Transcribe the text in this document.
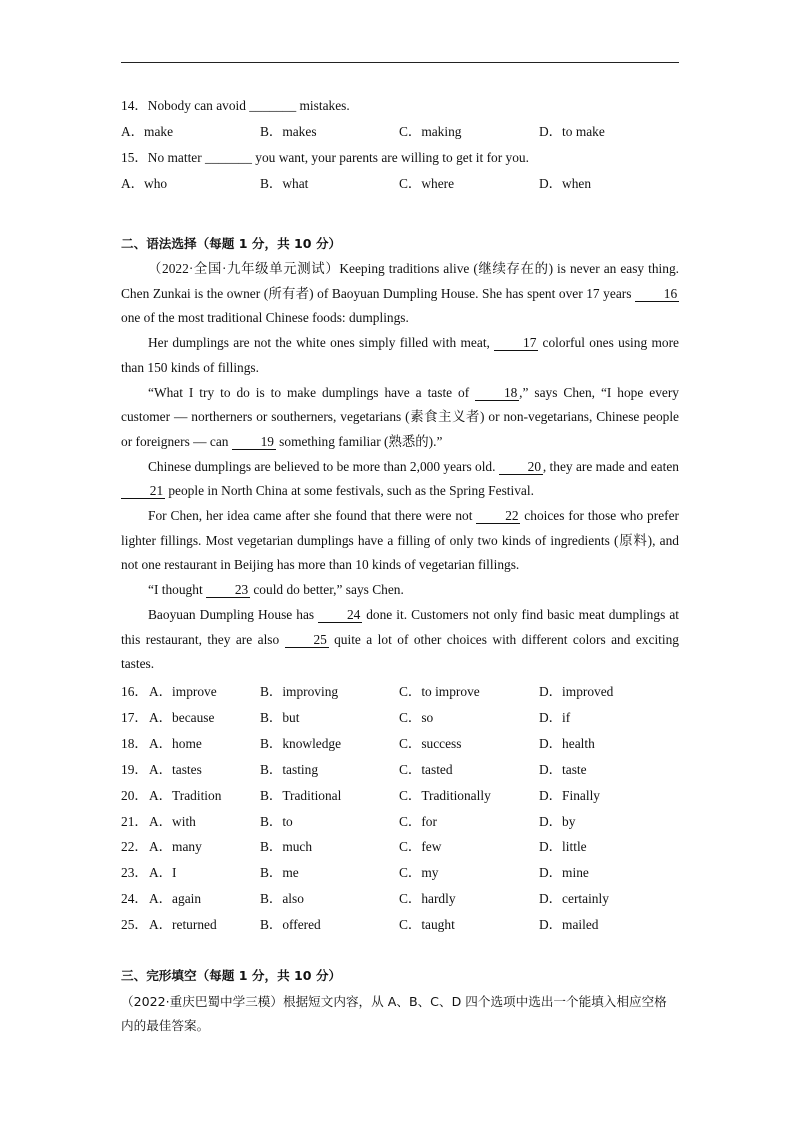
14．Nobody can avoid _______ mistakes.
A．make	B．makes	C．making	D．to make
15．No matter _______ you want, your parents are willing to get it for you.
A．who	B．what	C．where	D．when
二、语法选择（每题 1 分，共 10 分）

（2022·全国·九年级单元测试）Keeping traditions alive (继续存在的) is never an easy thing. Chen Zunkai is the owner (所有者) of Baoyuan Dumpling House. She has spent over 17 years 16 one of the most traditional Chinese foods: dumplings.

Her dumplings are not the white ones simply filled with meat, 17 colorful ones using more than 150 kinds of fillings.

“What I try to do is to make dumplings have a taste of 18 ,” says Chen, “I hope every customer — northerners or southerners, vegetarians (素食主义者) or non-vegetarians, Chinese people or foreigners — can 19 something familiar (熟悉的).”

Chinese dumplings are believed to be more than 2,000 years old. 20 , they are made and eaten 21 people in North China at some festivals, such as the Spring Festival.

For Chen, her idea came after she found that there were not 22 choices for those who prefer lighter fillings. Most vegetarian dumplings have a filling of only two kinds of ingredients (原料), and not one restaurant in Beijing has more than 10 kinds of vegetarian fillings.

“I thought 23 could do better,” says Chen.

Baoyuan Dumpling House has 24 done it. Customers not only find basic meat dumplings at this restaurant, they are also 25 quite a lot of other choices with different colors and exciting tastes.

16． A．improve	B．improving	C．to improve	D．improved
17． A．because	B．but	C．so	D．if
18． A．home	B．knowledge	C．success	D．health
19． A．tastes	B．tasting	C．tasted	D．taste
20． A．Tradition	B．Traditional	C．Traditionally	D．Finally
21． A．with	B．to	C．for	D．by
22． A．many	B．much	C．few	D．little
23． A．I	B．me	C．my	D．mine
24． A．again	B．also	C．hardly	D．certainly
25． A．returned	B．offered	C．taught	D．mailed
三、完形填空（每题 1 分，共 10 分）

（2022·重庆巴蜀中学三模）根据短文内容，从 A、B、C、D 四个选项中选出一个能填入相应空格内的最佳答案。
